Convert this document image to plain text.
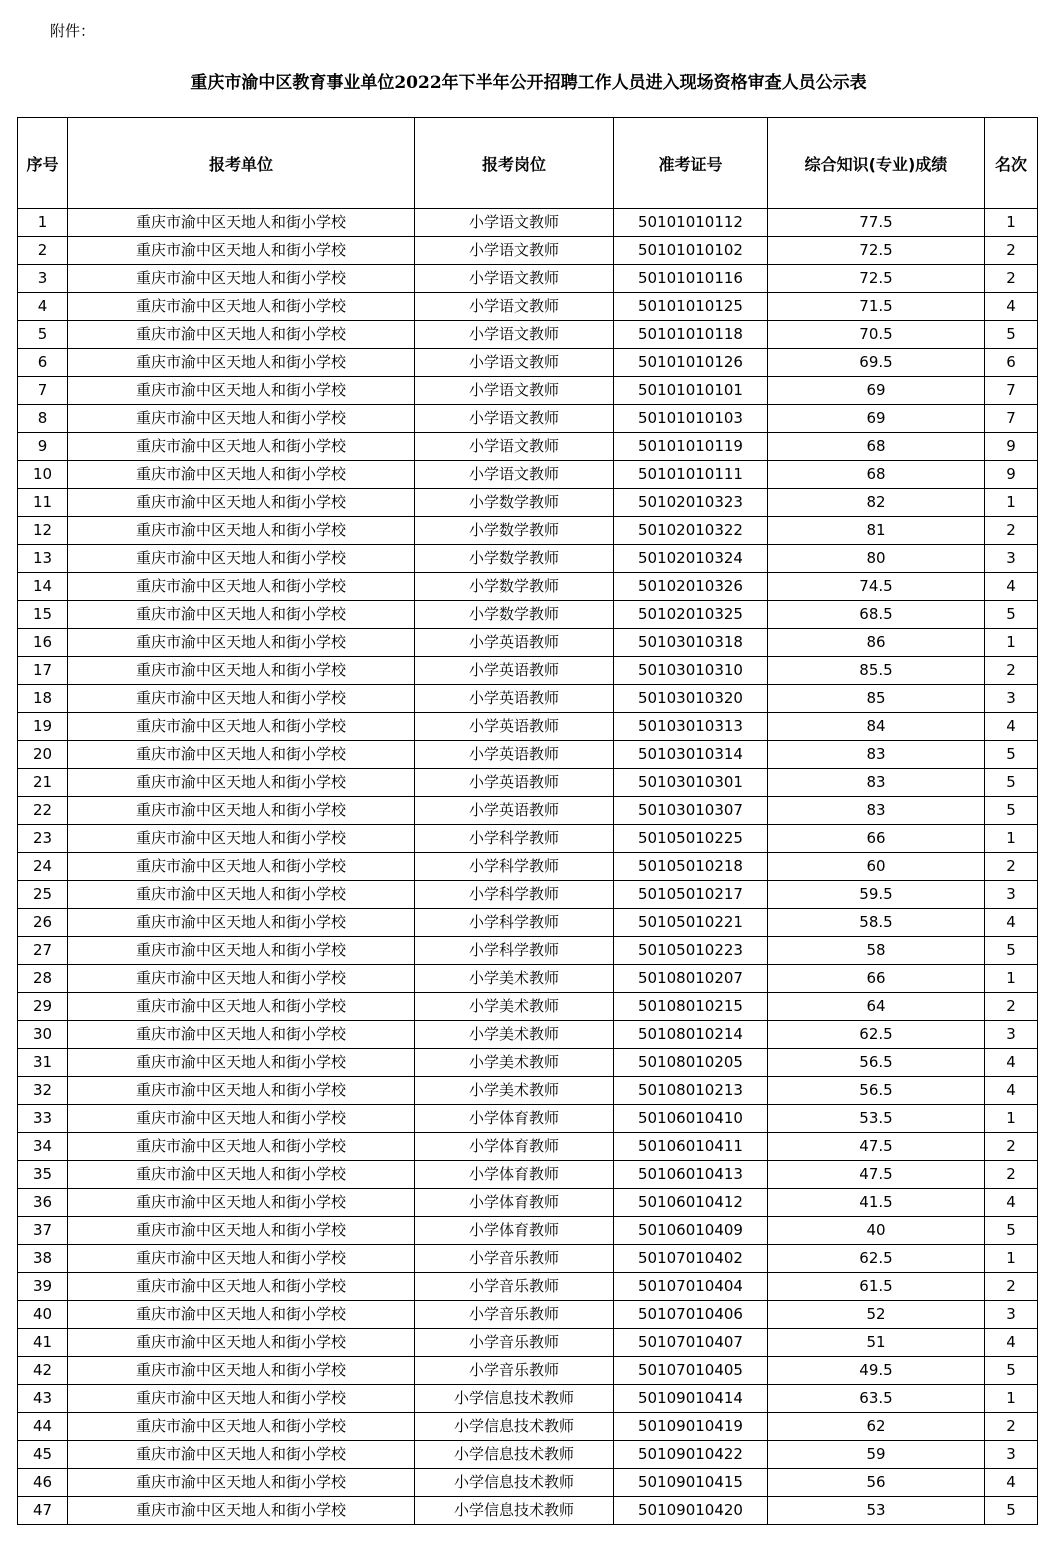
附件：
重庆市渝中区教育事业单位2022年下半年公开招聘工作人员进入现场资格审查人员公示表
序号	报考单位	报考岗位	准考证号	综合知识(专业)成绩	名次
1	重庆市渝中区天地人和街小学校	小学语文教师	50101010112	77.5	1
2	重庆市渝中区天地人和街小学校	小学语文教师	50101010102	72.5	2
3	重庆市渝中区天地人和街小学校	小学语文教师	50101010116	72.5	2
4	重庆市渝中区天地人和街小学校	小学语文教师	50101010125	71.5	4
5	重庆市渝中区天地人和街小学校	小学语文教师	50101010118	70.5	5
6	重庆市渝中区天地人和街小学校	小学语文教师	50101010126	69.5	6
7	重庆市渝中区天地人和街小学校	小学语文教师	50101010101	69	7
8	重庆市渝中区天地人和街小学校	小学语文教师	50101010103	69	7
9	重庆市渝中区天地人和街小学校	小学语文教师	50101010119	68	9
10	重庆市渝中区天地人和街小学校	小学语文教师	50101010111	68	9
11	重庆市渝中区天地人和街小学校	小学数学教师	50102010323	82	1
12	重庆市渝中区天地人和街小学校	小学数学教师	50102010322	81	2
13	重庆市渝中区天地人和街小学校	小学数学教师	50102010324	80	3
14	重庆市渝中区天地人和街小学校	小学数学教师	50102010326	74.5	4
15	重庆市渝中区天地人和街小学校	小学数学教师	50102010325	68.5	5
16	重庆市渝中区天地人和街小学校	小学英语教师	50103010318	86	1
17	重庆市渝中区天地人和街小学校	小学英语教师	50103010310	85.5	2
18	重庆市渝中区天地人和街小学校	小学英语教师	50103010320	85	3
19	重庆市渝中区天地人和街小学校	小学英语教师	50103010313	84	4
20	重庆市渝中区天地人和街小学校	小学英语教师	50103010314	83	5
21	重庆市渝中区天地人和街小学校	小学英语教师	50103010301	83	5
22	重庆市渝中区天地人和街小学校	小学英语教师	50103010307	83	5
23	重庆市渝中区天地人和街小学校	小学科学教师	50105010225	66	1
24	重庆市渝中区天地人和街小学校	小学科学教师	50105010218	60	2
25	重庆市渝中区天地人和街小学校	小学科学教师	50105010217	59.5	3
26	重庆市渝中区天地人和街小学校	小学科学教师	50105010221	58.5	4
27	重庆市渝中区天地人和街小学校	小学科学教师	50105010223	58	5
28	重庆市渝中区天地人和街小学校	小学美术教师	50108010207	66	1
29	重庆市渝中区天地人和街小学校	小学美术教师	50108010215	64	2
30	重庆市渝中区天地人和街小学校	小学美术教师	50108010214	62.5	3
31	重庆市渝中区天地人和街小学校	小学美术教师	50108010205	56.5	4
32	重庆市渝中区天地人和街小学校	小学美术教师	50108010213	56.5	4
33	重庆市渝中区天地人和街小学校	小学体育教师	50106010410	53.5	1
34	重庆市渝中区天地人和街小学校	小学体育教师	50106010411	47.5	2
35	重庆市渝中区天地人和街小学校	小学体育教师	50106010413	47.5	2
36	重庆市渝中区天地人和街小学校	小学体育教师	50106010412	41.5	4
37	重庆市渝中区天地人和街小学校	小学体育教师	50106010409	40	5
38	重庆市渝中区天地人和街小学校	小学音乐教师	50107010402	62.5	1
39	重庆市渝中区天地人和街小学校	小学音乐教师	50107010404	61.5	2
40	重庆市渝中区天地人和街小学校	小学音乐教师	50107010406	52	3
41	重庆市渝中区天地人和街小学校	小学音乐教师	50107010407	51	4
42	重庆市渝中区天地人和街小学校	小学音乐教师	50107010405	49.5	5
43	重庆市渝中区天地人和街小学校	小学信息技术教师	50109010414	63.5	1
44	重庆市渝中区天地人和街小学校	小学信息技术教师	50109010419	62	2
45	重庆市渝中区天地人和街小学校	小学信息技术教师	50109010422	59	3
46	重庆市渝中区天地人和街小学校	小学信息技术教师	50109010415	56	4
47	重庆市渝中区天地人和街小学校	小学信息技术教师	50109010420	53	5
